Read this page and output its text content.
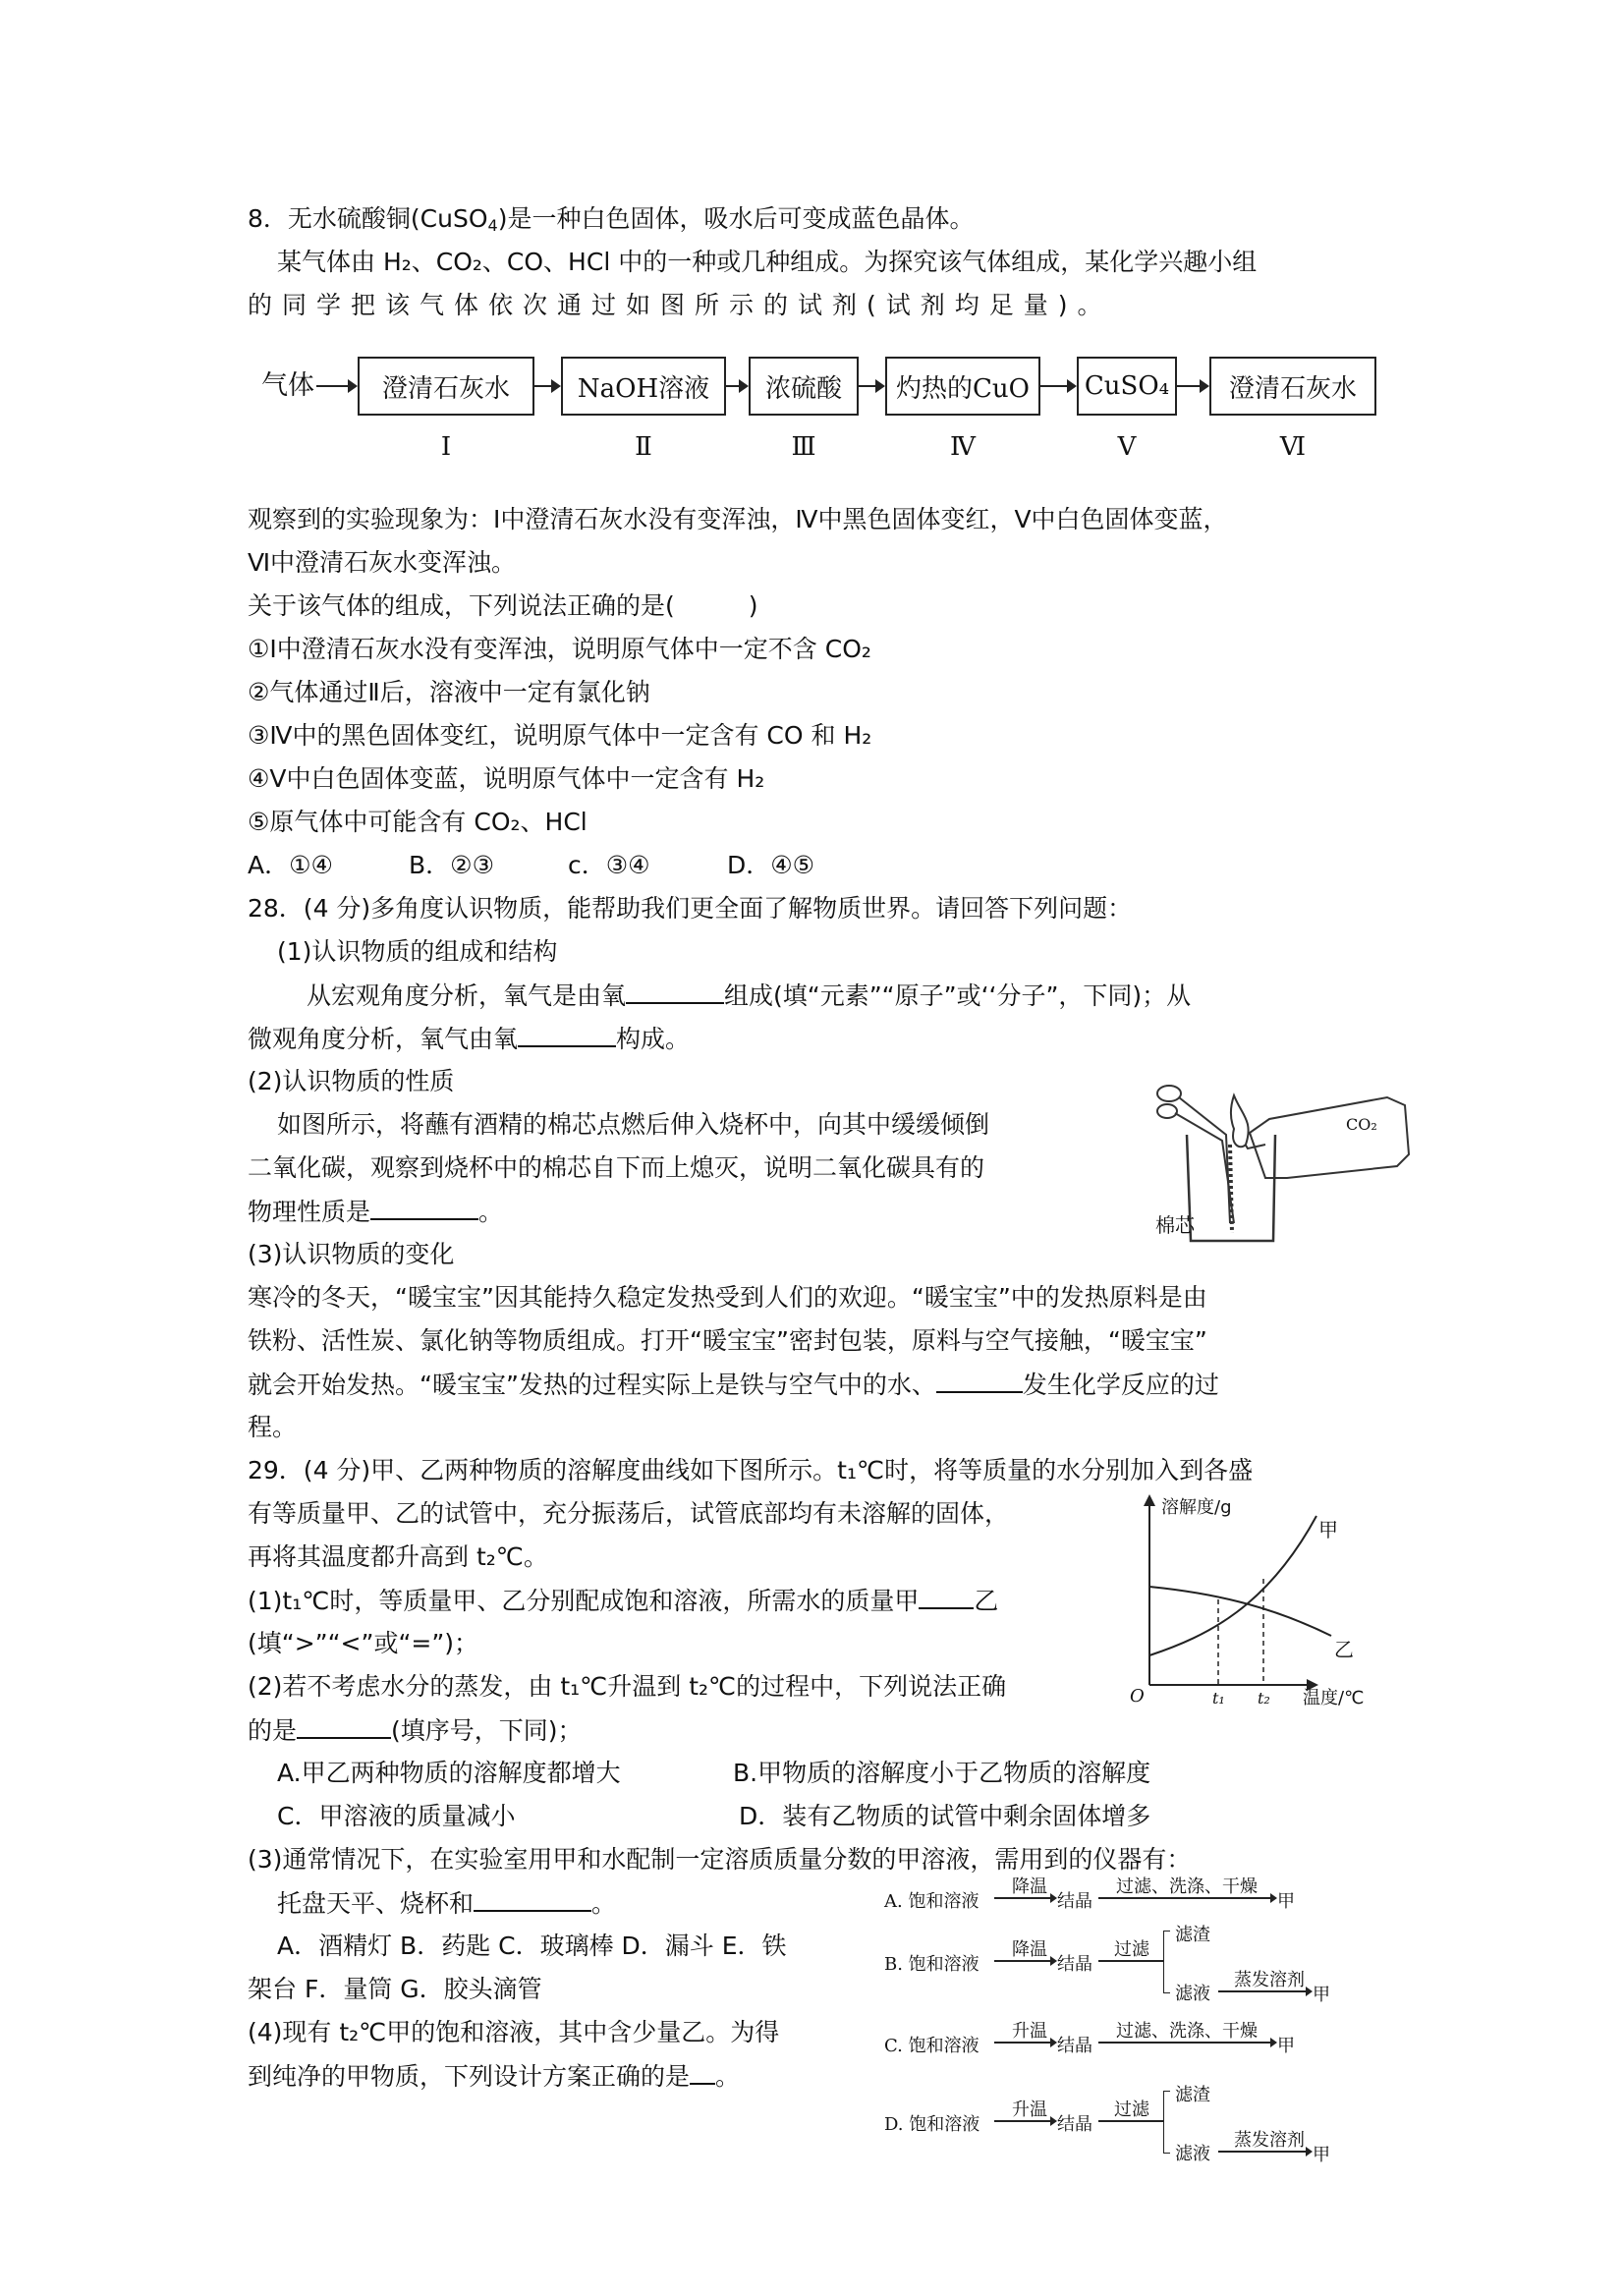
8．无水硫酸铜(CuSO$_4$)是一种白色固体，吸水后可变成蓝色晶体。
某气体由 H₂、CO₂、CO、HCl 中的一种或几种组成。为探究该气体组成，某化学兴趣小组
的同学把该气体依次通过如图所示的试剂(试剂均足量)。
气体	澄清石灰水	NaOH溶液	浓硫酸	灼热的CuO	CuSO₄	澄清石灰水
Ⅰ	Ⅱ	Ⅲ	Ⅳ	Ⅴ	Ⅵ
观察到的实验现象为：Ⅰ中澄清石灰水没有变浑浊，Ⅳ中黑色固体变红，Ⅴ中白色固体变蓝，
Ⅵ中澄清石灰水变浑浊。
关于该气体的组成，下列说法正确的是(　　　)
①Ⅰ中澄清石灰水没有变浑浊，说明原气体中一定不含 CO₂
②气体通过Ⅱ后，溶液中一定有氯化钠
③Ⅳ中的黑色固体变红，说明原气体中一定含有 CO 和 H₂
④Ⅴ中白色固体变蓝，说明原气体中一定含有 H₂
⑤原气体中可能含有 CO₂、HCl
A．①④	B．②③	c．③④	D．④⑤
28．(4 分)多角度认识物质，能帮助我们更全面了解物质世界。请回答下列问题：
(1)认识物质的组成和结构
从宏观角度分析，氧气是由氧	组成(填“元素”“原子”或‘‘分子”，下同)；从
微观角度分析，氧气由氧	构成。
(2)认识物质的性质
如图所示，将蘸有酒精的棉芯点燃后伸入烧杯中，向其中缓缓倾倒
二氧化碳，观察到烧杯中的棉芯自下而上熄灭，说明二氧化碳具有的
物理性质是	。
CO₂
棉芯
(3)认识物质的变化
寒冷的冬天，“暖宝宝”因其能持久稳定发热受到人们的欢迎。“暖宝宝”中的发热原料是由
铁粉、活性炭、氯化钠等物质组成。打开“暖宝宝”密封包装，原料与空气接触，“暖宝宝”
就会开始发热。“暖宝宝”发热的过程实际上是铁与空气中的水、	发生化学反应的过
程。
29．(4 分)甲、乙两种物质的溶解度曲线如下图所示。t₁℃时，将等质量的水分别加入到各盛
有等质量甲、乙的试管中，充分振荡后，试管底部均有未溶解的固体，
再将其温度都升高到 t₂℃。
溶解度/g
甲
乙
O	t₁ t₂ 温度/℃
(1)t₁℃时，等质量甲、乙分别配成饱和溶液，所需水的质量甲 乙
(填“>”“<”或“=”)；
(2)若不考虑水分的蒸发，由 t₁℃升温到 t₂℃的过程中，下列说法正确
的是	(填序号，下同)；
A.甲乙两种物质的溶解度都增大	B.甲物质的溶解度小于乙物质的溶解度
C．甲溶液的质量减小	D．装有乙物质的试管中剩余固体增多
(3)通常情况下，在实验室用甲和水配制一定溶质质量分数的甲溶液，需用到的仪器有：
托盘天平、烧杯和	。
A．酒精灯 B．药匙 C．玻璃棒 D．漏斗 E．铁
架台 F．量筒 G．胶头滴管
(4)现有 t₂℃甲的饱和溶液，其中含少量乙。为得
到纯净的甲物质，下列设计方案正确的是 。
A. 饱和溶液
降温
结晶
过滤、洗涤、干燥
甲
B. 饱和溶液
降温
结晶
过滤
滤渣
滤液
蒸发溶剂
甲
C. 饱和溶液
升温
结晶
过滤、洗涤、干燥
甲
D. 饱和溶液
升温
结晶
过滤
滤渣
滤液
蒸发溶剂
甲
